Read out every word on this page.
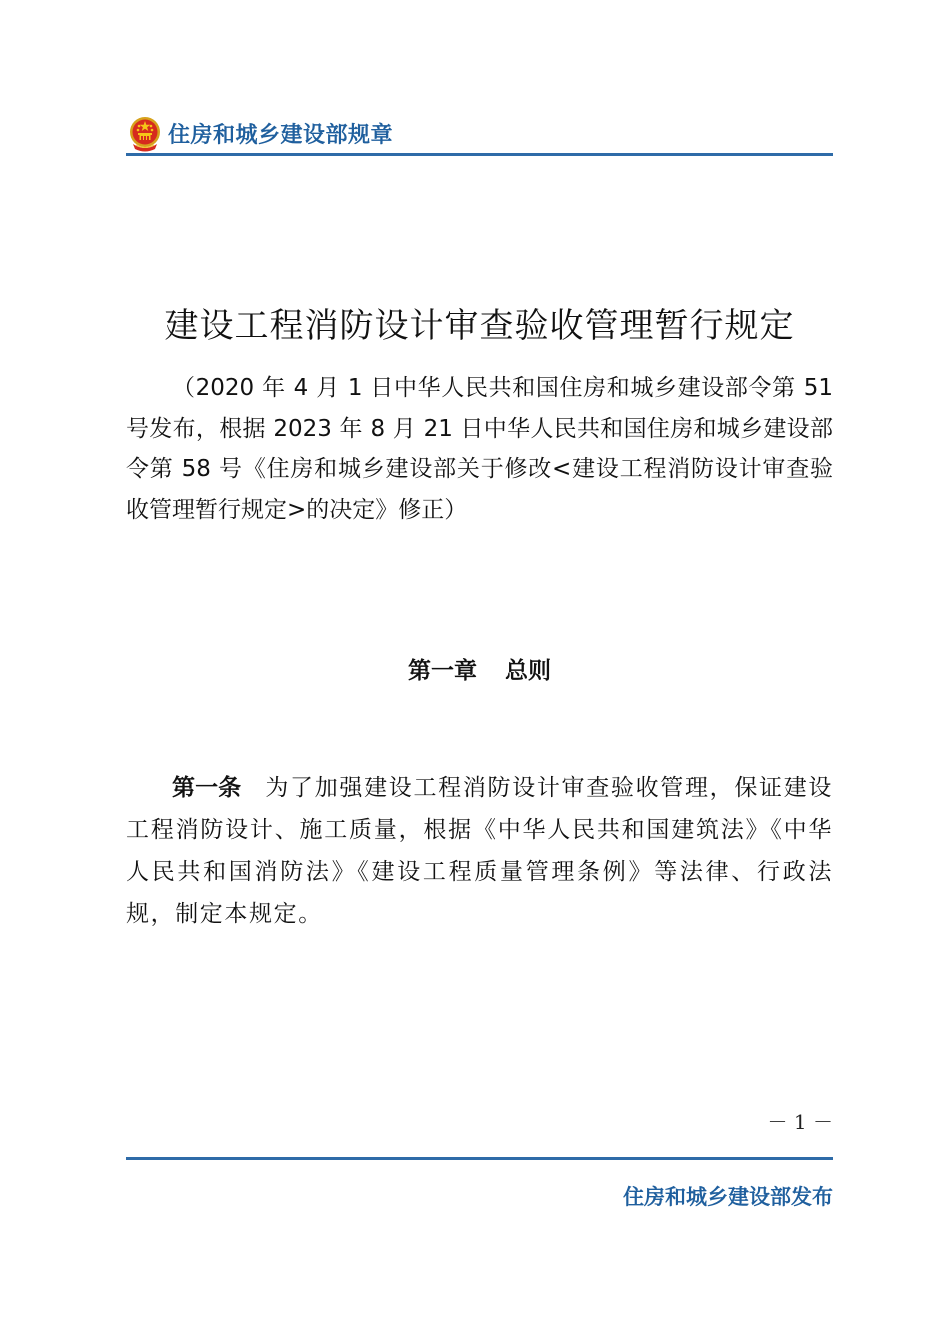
住房和城乡建设部规章
建设工程消防设计审查验收管理暂行规定
（2020 年 4 月 1 日中华人民共和国住房和城乡建设部令第 51 号发布，根据 2023 年 8 月 21 日中华人民共和国住房和城乡建设部令第 58 号《住房和城乡建设部关于修改<建设工程消防设计审查验收管理暂行规定>的决定》修正）
第一章 总则
第一条 为了加强建设工程消防设计审查验收管理，保证建设工程消防设计、施工质量，根据《中华人民共和国建筑法》《中华人民共和国消防法》《建设工程质量管理条例》等法律、行政法规，制定本规定。
－ 1 －
住房和城乡建设部发布
